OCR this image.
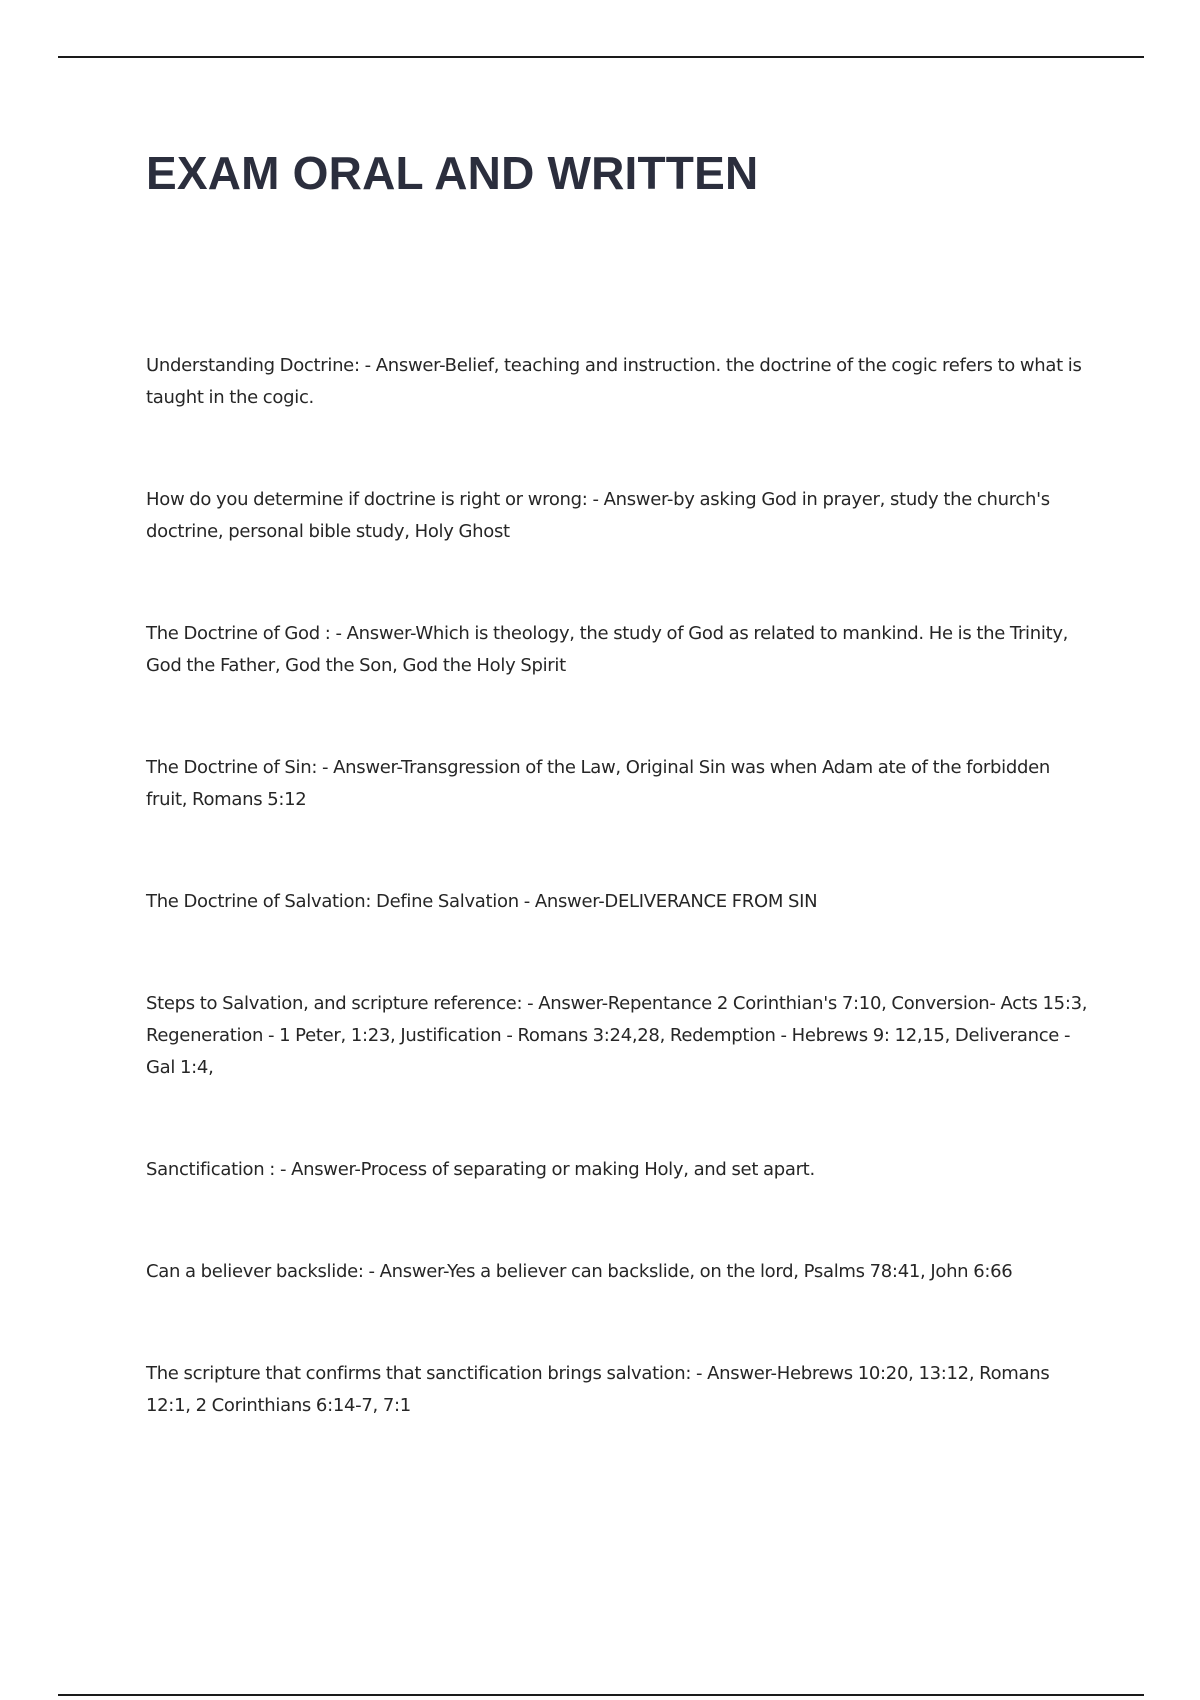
EXAM ORAL AND WRITTEN
Understanding Doctrine: - Answer-Belief, teaching and instruction. the doctrine of the cogic refers to what is taught in the cogic.
How do you determine if doctrine is right or wrong: - Answer-by asking God in prayer, study the church's doctrine, personal bible study, Holy Ghost
The Doctrine of God : - Answer-Which is theology, the study of God as related to mankind. He is the Trinity, God the Father, God the Son, God the Holy Spirit
The Doctrine of Sin: - Answer-Transgression of the Law, Original Sin was when Adam ate of the forbidden fruit, Romans 5:12
The Doctrine of Salvation: Define Salvation - Answer-DELIVERANCE FROM SIN
Steps to Salvation, and scripture reference: - Answer-Repentance 2 Corinthian's 7:10, Conversion- Acts 15:3, Regeneration - 1 Peter, 1:23, Justification - Romans 3:24,28, Redemption - Hebrews 9: 12,15, Deliverance - Gal 1:4,
Sanctification : - Answer-Process of separating or making Holy, and set apart.
Can a believer backslide: - Answer-Yes a believer can backslide, on the lord, Psalms 78:41, John 6:66
The scripture that confirms that sanctification brings salvation: - Answer-Hebrews 10:20, 13:12, Romans 12:1, 2 Corinthians 6:14-7, 7:1
